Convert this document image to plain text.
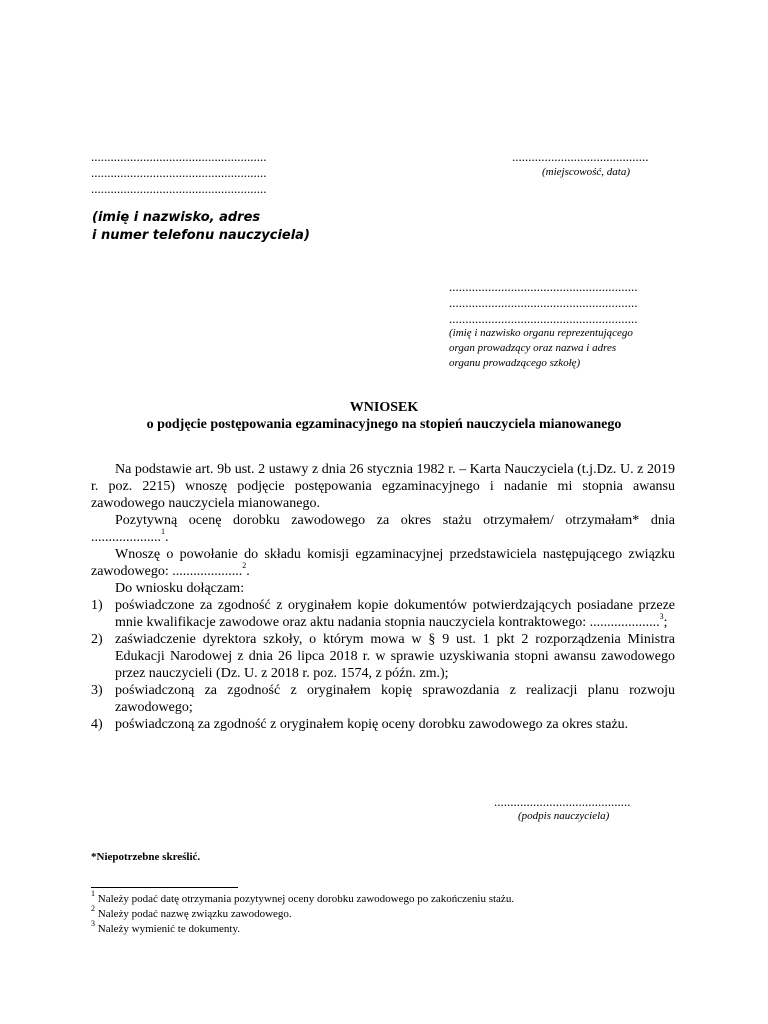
......................................................
......................................................
......................................................
(imię i nazwisko, adres
i numer telefonu nauczyciela)
..........................................
(miejscowość, data)
..........................................................
..........................................................
..........................................................
(imię i nazwisko organu reprezentującego
organ prowadzący oraz nazwa i adres
organu prowadzącego szkołę)
WNIOSEK
o podjęcie postępowania egzaminacyjnego na stopień nauczyciela mianowanego

Na podstawie art. 9b ust. 2 ustawy z dnia 26 stycznia 1982 r. – Karta Nauczyciela (t.j.Dz. U. z 2019 r. poz. 2215) wnoszę podjęcie postępowania egzaminacyjnego i nadanie mi stopnia awansu zawodowego nauczyciela mianowanego.

Pozytywną ocenę dorobku zawodowego za okres stażu otrzymałem/ otrzymałam* dnia ....................$^1$.

Wnoszę o powołanie do składu komisji egzaminacyjnej przedstawiciela następującego związku zawodowego: ....................$^2$.

Do wniosku dołączam:

1) poświadczone za zgodność z oryginałem kopie dokumentów potwierdzających posiadane przeze mnie kwalifikacje zawodowe oraz aktu nadania stopnia nauczyciela kontraktowego: ....................$^3$;
2) zaświadczenie dyrektora szkoły, o którym mowa w § 9 ust. 1 pkt 2 rozporządzenia Ministra Edukacji Narodowej z dnia 26 lipca 2018 r. w sprawie uzyskiwania stopni awansu zawodowego przez nauczycieli (Dz. U. z 2018 r. poz. 1574, z późn. zm.);
3) poświadczoną za zgodność z oryginałem kopię sprawozdania z realizacji planu rozwoju zawodowego;
4) poświadczoną za zgodność z oryginałem kopię oceny dorobku zawodowego za okres stażu.
..........................................
(podpis nauczyciela)
*Niepotrzebne skreślić.
$^1$ Należy podać datę otrzymania pozytywnej oceny dorobku zawodowego po zakończeniu stażu.
$^2$ Należy podać nazwę związku zawodowego.
$^3$ Należy wymienić te dokumenty.
